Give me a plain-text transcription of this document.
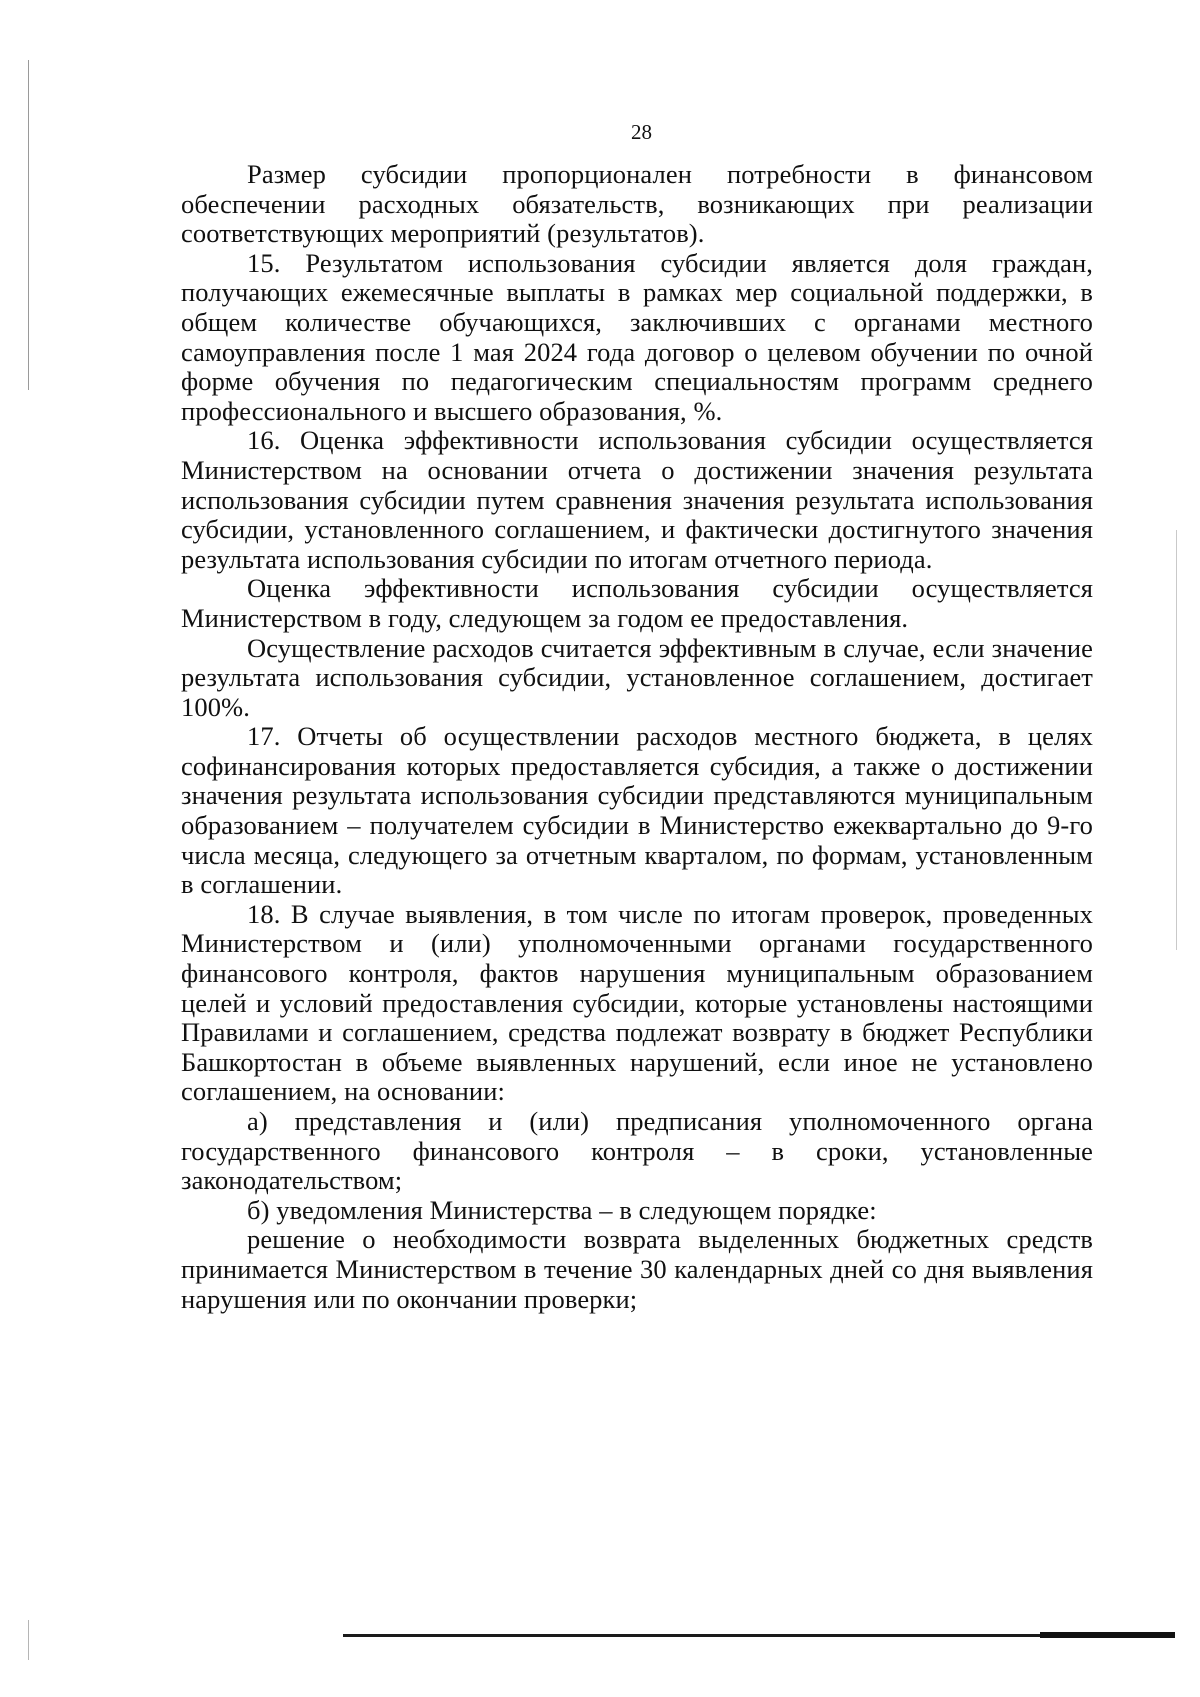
28

Размер субсидии пропорционален потребности в финансовом обеспечении расходных обязательств, возникающих при реализации соответствующих мероприятий (результатов).

15. Результатом использования субсидии является доля граждан, получающих ежемесячные выплаты в рамках мер социальной поддержки, в общем количестве обучающихся, заключивших с органами местного самоуправления после 1 мая 2024 года договор о целевом обучении по очной форме обучения по педагогическим специальностям программ среднего профессионального и высшего образования, %.

16. Оценка эффективности использования субсидии осуществляется Министерством на основании отчета о достижении значения результата использования субсидии путем сравнения значения результата использования субсидии, установленного соглашением, и фактически достигнутого значения результата использования субсидии по итогам отчетного периода.

Оценка эффективности использования субсидии осуществляется Министерством в году, следующем за годом ее предоставления.

Осуществление расходов считается эффективным в случае, если значение результата использования субсидии, установленное соглашением, достигает 100%.

17. Отчеты об осуществлении расходов местного бюджета, в целях софинансирования которых предоставляется субсидия, а также о достижении значения результата использования субсидии представляются муниципальным образованием – получателем субсидии в Министерство ежеквартально до 9-го числа месяца, следующего за отчетным кварталом, по формам, установленным в соглашении.

18. В случае выявления, в том числе по итогам проверок, проведенных Министерством и (или) уполномоченными органами государственного финансового контроля, фактов нарушения муниципальным образованием целей и условий предоставления субсидии, которые установлены настоящими Правилами и соглашением, средства подлежат возврату в бюджет Республики Башкортостан в объеме выявленных нарушений, если иное не установлено соглашением, на основании:

а) представления и (или) предписания уполномоченного органа государственного финансового контроля – в сроки, установленные законодательством;

б) уведомления Министерства – в следующем порядке:

решение о необходимости возврата выделенных бюджетных средств принимается Министерством в течение 30 календарных дней со дня выявления нарушения или по окончании проверки;
